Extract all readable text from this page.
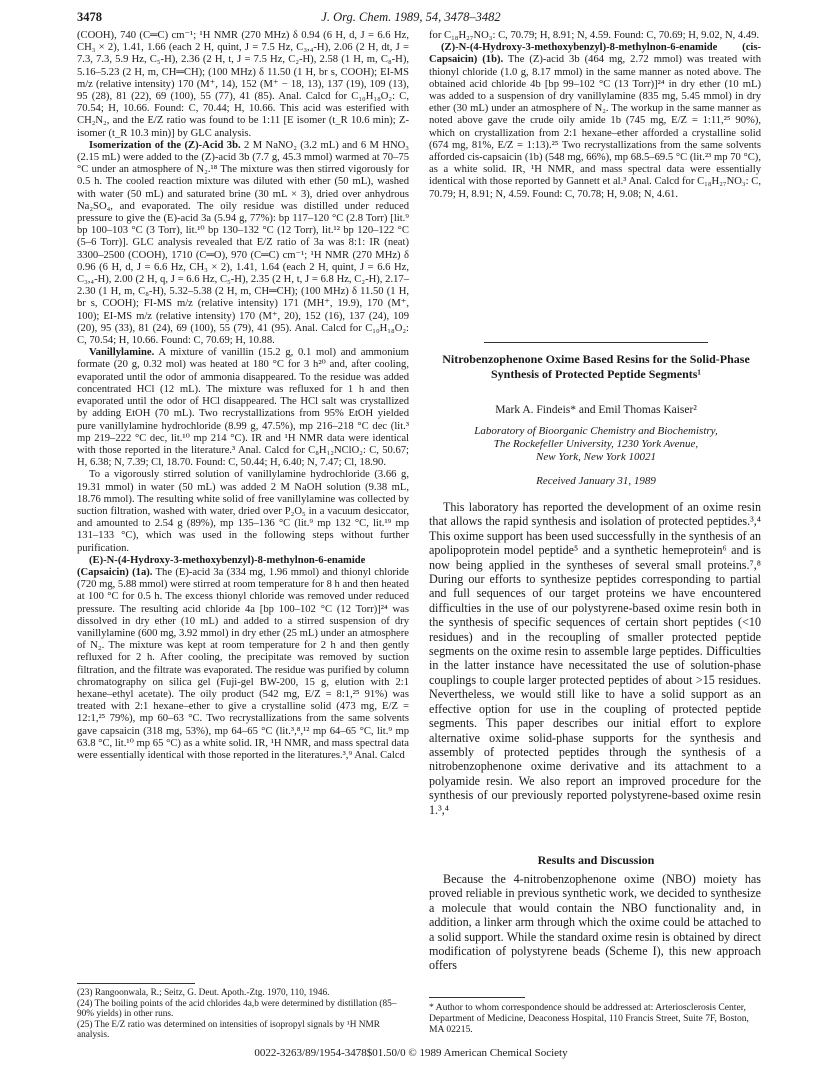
3478	J. Org. Chem. 1989, 54, 3478–3482

(COOH), 740 (C═C) cm⁻¹; ¹H NMR (270 MHz) δ 0.94 (6 H, d, J = 6.6 Hz, CH₃ × 2), 1.41, 1.66 (each 2 H, quint, J = 7.5 Hz, C₃,₄-H), 2.06 (2 H, dt, J = 7.3, 7.3, 5.9 Hz, C₅-H), 2.36 (2 H, t, J = 7.5 Hz, C₂-H), 2.58 (1 H, m, C₈-H), 5.16–5.23 (2 H, m, CH═CH); (100 MHz) δ 11.50 (1 H, br s, COOH); EI-MS m/z (relative intensity) 170 (M⁺, 14), 152 (M⁺ − 18, 13), 137 (19), 109 (13), 95 (28), 81 (22), 69 (100), 55 (77), 41 (85). Anal. Calcd for C₁₀H₁₈O₂: C, 70.54; H, 10.66. Found: C, 70.44; H, 10.66. This acid was esterified with CH₂N₂, and the E/Z ratio was found to be 1:11 [E isomer (t_R 10.6 min); Z-isomer (t_R 10.3 min)] by GLC analysis.

Isomerization of the (Z)-Acid 3b. 2 M NaNO₂ (3.2 mL) and 6 M HNO₃ (2.15 mL) were added to the (Z)-acid 3b (7.7 g, 45.3 mmol) warmed at 70–75 °C under an atmosphere of N₂.¹⁸ The mixture was then stirred vigorously for 0.5 h. The cooled reaction mixture was diluted with ether (50 mL), washed with water (50 mL) and saturated brine (30 mL × 3), dried over anhydrous Na₂SO₄, and evaporated. The oily residue was distilled under reduced pressure to give the (E)-acid 3a (5.94 g, 77%): bp 117–120 °C (2.8 Torr) [lit.⁹ bp 100–103 °C (3 Torr), lit.¹⁰ bp 130–132 °C (12 Torr), lit.¹² bp 120–122 °C (5–6 Torr)]. GLC analysis revealed that E/Z ratio of 3a was 8:1: IR (neat) 3300–2500 (COOH), 1710 (C═O), 970 (C═C) cm⁻¹; ¹H NMR (270 MHz) δ 0.96 (6 H, d, J = 6.6 Hz, CH₃ × 2), 1.41, 1.64 (each 2 H, quint, J = 6.6 Hz, C₃,₄-H), 2.00 (2 H, q, J = 6.6 Hz, C₅-H), 2.35 (2 H, t, J = 6.8 Hz, C₂-H), 2.17–2.30 (1 H, m, C₈-H), 5.32–5.38 (2 H, m, CH═CH); (100 MHz) δ 11.50 (1 H, br s, COOH); FI-MS m/z (relative intensity) 171 (MH⁺, 19.9), 170 (M⁺, 100); EI-MS m/z (relative intensity) 170 (M⁺, 20), 152 (16), 137 (24), 109 (20), 95 (33), 81 (24), 69 (100), 55 (79), 41 (95). Anal. Calcd for C₁₀H₁₈O₂: C, 70.54; H, 10.66. Found: C, 70.69; H, 10.88.

Vanillylamine. A mixture of vanillin (15.2 g, 0.1 mol) and ammonium formate (20 g, 0.32 mol) was heated at 180 °C for 3 h²⁰ and, after cooling, evaporated until the odor of ammonia disappeared. To the residue was added concentrated HCl (12 mL). The mixture was refluxed for 1 h and then evaporated until the odor of HCl disappeared. The HCl salt was crystallized by adding EtOH (70 mL). Two recrystallizations from 95% EtOH yielded pure vanillylamine hydrochloride (8.99 g, 47.5%), mp 216–218 °C dec (lit.³ mp 219–222 °C dec, lit.¹⁰ mp 214 °C). IR and ¹H NMR data were identical with those reported in the literature.³ Anal. Calcd for C₈H₁₂NClO₂: C, 50.67; H, 6.38; N, 7.39; Cl, 18.70. Found: C, 50.44; H, 6.40; N, 7.47; Cl, 18.90.

To a vigorously stirred solution of vanillylamine hydrochloride (3.66 g, 19.31 mmol) in water (50 mL) was added 2 M NaOH solution (9.38 mL, 18.76 mmol). The resulting white solid of free vanillylamine was collected by suction filtration, washed with water, dried over P₂O₅ in a vacuum desiccator, and amounted to 2.54 g (89%), mp 135–136 °C (lit.⁹ mp 132 °C, lit.¹⁹ mp 131–133 °C), which was used in the following steps without further purification.

(E)-N-(4-Hydroxy-3-methoxybenzyl)-8-methylnon-6-enamide (Capsaicin) (1a). The (E)-acid 3a (334 mg, 1.96 mmol) and thionyl chloride (720 mg, 5.88 mmol) were stirred at room temperature for 8 h and then heated at 100 °C for 0.5 h. The excess thionyl chloride was removed under reduced pressure. The resulting acid chloride 4a [bp 100–102 °C (12 Torr)]²⁴ was dissolved in dry ether (10 mL) and added to a stirred suspension of dry vanillylamine (600 mg, 3.92 mmol) in dry ether (25 mL) under an atmosphere of N₂. The mixture was kept at room temperature for 2 h and then gently refluxed for 2 h. After cooling, the precipitate was removed by suction filtration, and the filtrate was evaporated. The residue was purified by column chromatography on silica gel (Fuji-gel BW-200, 15 g, elution with 2:1 hexane–ethyl acetate). The oily product (542 mg, E/Z = 8:1,²⁵ 91%) was treated with 2:1 hexane–ether to give a crystalline solid (473 mg, E/Z = 12:1,²⁵ 79%), mp 60–63 °C. Two recrystallizations from the same solvents gave capsaicin (318 mg, 53%), mp 64–65 °C (lit.³,⁸,¹² mp 64–65 °C, lit.⁹ mp 63.8 °C, lit.¹⁰ mp 65 °C) as a white solid. IR, ¹H NMR, and mass spectral data were essentially identical with those reported in the literatures.³,⁹ Anal. Calcd

for C₁₈H₂₇NO₃: C, 70.79; H, 8.91; N, 4.59. Found: C, 70.69; H, 9.02, N, 4.49.

(Z)-N-(4-Hydroxy-3-methoxybenzyl)-8-methylnon-6-enamide (cis-Capsaicin) (1b). The (Z)-acid 3b (464 mg, 2.72 mmol) was treated with thionyl chloride (1.0 g, 8.17 mmol) in the same manner as noted above. The obtained acid chloride 4b [bp 99–102 °C (13 Torr)]²⁴ in dry ether (10 mL) was added to a suspension of dry vanillylamine (835 mg, 5.45 mmol) in dry ether (30 mL) under an atmosphere of N₂. The workup in the same manner as noted above gave the crude oily amide 1b (745 mg, E/Z = 1:11,²⁵ 90%), which on crystallization from 2:1 hexane–ether afforded a crystalline solid (674 mg, 81%, E/Z = 1:13).²⁵ Two recrystallizations from the same solvents afforded cis-capsaicin (1b) (548 mg, 66%), mp 68.5–69.5 °C (lit.²³ mp 70 °C), as a white solid. IR, ¹H NMR, and mass spectral data were essentially identical with those reported by Gannett et al.³ Anal. Calcd for C₁₈H₂₇NO₃: C, 70.79; H, 8.91; N, 4.59. Found: C, 70.78; H, 9.08; N, 4.61.

Nitrobenzophenone Oxime Based Resins for the Solid-Phase Synthesis of Protected Peptide Segments¹
Mark A. Findeis* and Emil Thomas Kaiser²
Laboratory of Bioorganic Chemistry and Biochemistry,
The Rockefeller University, 1230 York Avenue,
New York, New York 10021
Received January 31, 1989

This laboratory has reported the development of an oxime resin that allows the rapid synthesis and isolation of protected peptides.³,⁴ This oxime support has been used successfully in the synthesis of an apolipoprotein model peptide⁵ and a synthetic hemeprotein⁶ and is now being applied in the syntheses of several small proteins.⁷,⁸ During our efforts to synthesize peptides corresponding to partial and full sequences of our target proteins we have encountered difficulties in the use of our polystyrene-based oxime resin both in the synthesis of specific sequences of certain short peptides (<10 residues) and in the recoupling of smaller protected peptide segments on the oxime resin to assemble large peptides. Difficulties in the latter instance have necessitated the use of solution-phase couplings to couple larger protected peptides of about >15 residues. Nevertheless, we would still like to have a solid support as an effective option for use in the coupling of protected peptide segments. This paper describes our initial effort to explore alternative oxime solid-phase supports for the synthesis and assembly of protected peptides through the synthesis of a nitrobenzophenone oxime derivative and its attachment to a polyamide resin. We also report an improved procedure for the synthesis of our previously reported polystyrene-based oxime resin 1.³,⁴

Results and Discussion

Because the 4-nitrobenzophenone oxime (NBO) moiety has proved reliable in previous synthetic work, we decided to synthesize a molecule that would contain the NBO functionality and, in addition, a linker arm through which the oxime could be attached to a solid support. While the standard oxime resin is obtained by direct modification of polystyrene beads (Scheme I), this new approach offers

(23) Rangoonwala, R.; Seitz, G. Deut. Apoth.-Ztg. 1970, 110, 1946.
(24) The boiling points of the acid chlorides 4a,b were determined by distillation (85–90% yields) in other runs.
(25) The E/Z ratio was determined on intensities of isopropyl signals by ¹H NMR analysis.
* Author to whom correspondence should be addressed at: Arteriosclerosis Center, Department of Medicine, Deaconess Hospital, 110 Francis Street, Suite 7F, Boston, MA 02215.
0022-3263/89/1954-3478$01.50/0 © 1989 American Chemical Society
